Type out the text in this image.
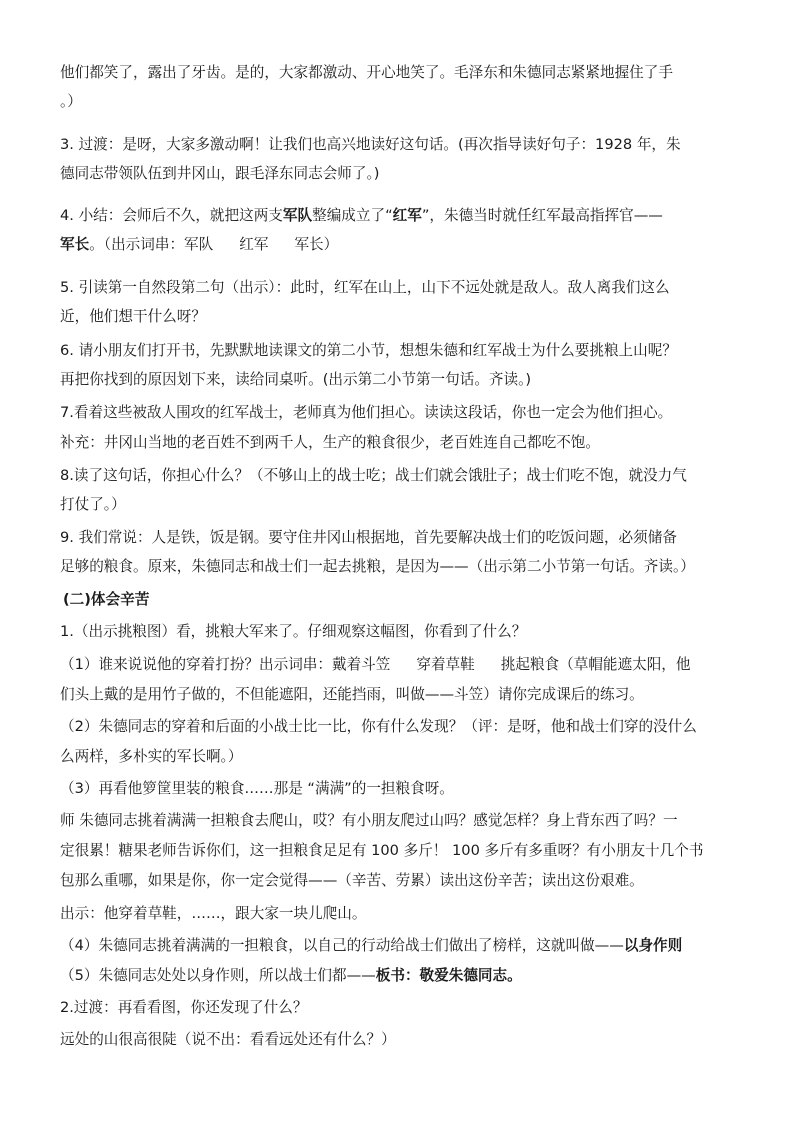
他们都笑了，露出了牙齿。是的，大家都激动、开心地笑了。毛泽东和朱德同志紧紧地握住了手
。）
3. 过渡：是呀，大家多激动啊！让我们也高兴地读好这句话。(再次指导读好句子：1928 年，朱
德同志带领队伍到井冈山，跟毛泽东同志会师了。)
4. 小结：会师后不久，就把这两支军队整编成立了“红军”，朱德当时就任红军最高指挥官——
军长。（出示词串：军队 红军 军长）
5. 引读第一自然段第二句（出示）：此时，红军在山上，山下不远处就是敌人。敌人离我们这么
近，他们想干什么呀？
6. 请小朋友们打开书，先默默地读课文的第二小节，想想朱德和红军战士为什么要挑粮上山呢？
再把你找到的原因划下来，读给同桌听。(出示第二小节第一句话。齐读。)
7.看着这些被敌人围攻的红军战士，老师真为他们担心。读读这段话，你也一定会为他们担心。
补充：井冈山当地的老百姓不到两千人，生产的粮食很少，老百姓连自己都吃不饱。
8.读了这句话，你担心什么？（不够山上的战士吃；战士们就会饿肚子；战士们吃不饱，就没力气
打仗了。）
9. 我们常说：人是铁，饭是钢。要守住井冈山根据地，首先要解决战士们的吃饭问题，必须储备
足够的粮食。原来，朱德同志和战士们一起去挑粮，是因为——（出示第二小节第一句话。齐读。）
(二)体会辛苦
1.（出示挑粮图）看，挑粮大军来了。仔细观察这幅图，你看到了什么？
（1）谁来说说他的穿着打扮？出示词串：戴着斗笠 穿着草鞋 挑起粮食（草帽能遮太阳，他
们头上戴的是用竹子做的，不但能遮阳，还能挡雨，叫做——斗笠）请你完成课后的练习。
（2）朱德同志的穿着和后面的小战士比一比，你有什么发现？（评：是呀，他和战士们穿的没什么
么两样，多朴实的军长啊。）
（3）再看他箩筐里装的粮食……那是 “满满”的一担粮食呀。
师 朱德同志挑着满满一担粮食去爬山，哎？有小朋友爬过山吗？感觉怎样？身上背东西了吗？一
定很累！糖果老师告诉你们，这一担粮食足足有 100 多斤！ 100 多斤有多重呀？有小朋友十几个书
包那么重哪，如果是你，你一定会觉得——（辛苦、劳累）读出这份辛苦；读出这份艰难。
出示：他穿着草鞋，……，跟大家一块儿爬山。
（4）朱德同志挑着满满的一担粮食，以自己的行动给战士们做出了榜样，这就叫做——以身作则
（5）朱德同志处处以身作则，所以战士们都——板书：敬爱朱德同志。
2.过渡：再看看图，你还发现了什么？
远处的山很高很陡（说不出：看看远处还有什么？）
